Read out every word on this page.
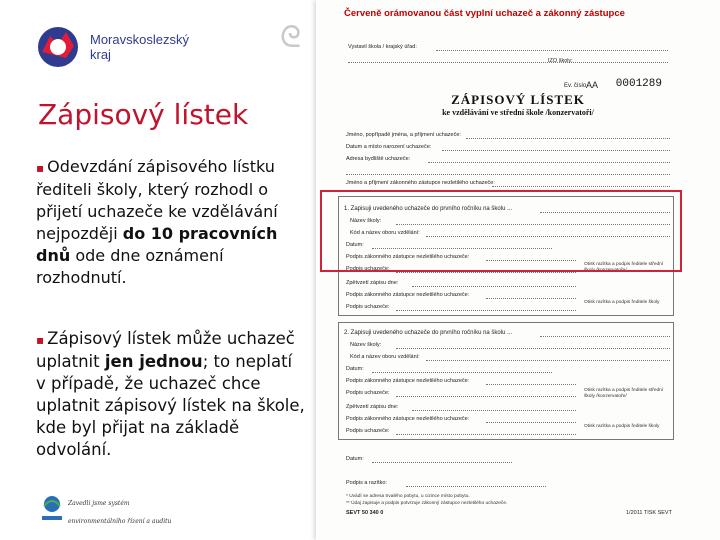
Moravskoslezský
kraj
Zápisový lístek
▪ Odevzdání zápisového lístku řediteli školy, který rozhodl o přijetí uchazeče ke vzdělávání nejpozději do 10 pracovních dnů ode dne oznámení rozhodnutí.
▪ Zápisový lístek může uchazeč uplatnit jen jednou; to neplatí v případě, že uchazeč chce uplatnit zápisový lístek na škole, kde byl přijat na základě odvolání.
Zavedli jsme systém
environmentálního řízení a auditu
ᘓ
Červeně orámovanou část vyplní uchazeč a zákonný zástupce
Vystavil škola / krajský úřad:
IZO školy:
Ev. číslo AA 0001289
ZÁPISOVÝ LÍSTEK
ke vzdělávání ve střední škole /konzervatoři/
Jméno, popřípadě jména, a příjmení uchazeče:
Datum a místo narození uchazeče:
Adresa bydliště uchazeče:
Jméno a příjmení zákonného zástupce nezletilého uchazeče:
1. Zapisuji uvedeného uchazeče do prvního ročníku na školu ...
Název školy:
Kód a název oboru vzdělání:
Datum:
Podpis zákonného zástupce nezletilého uchazeče:
Podpis uchazeče:
Zpětvzetí zápisu dne:
Podpis zákonného zástupce nezletilého uchazeče:
Podpis uchazeče:
Otisk razítka a podpis ředitele střední školy /konzervatoře/
Otisk razítka a podpis ředitele školy
2. Zapisuji uvedeného uchazeče do prvního ročníku na školu ...
Název školy:
Kód a název oboru vzdělání:
Datum:
Podpis zákonného zástupce nezletilého uchazeče:
Podpis uchazeče:
Zpětvzetí zápisu dne:
Podpis zákonného zástupce nezletilého uchazeče:
Podpis uchazeče:
Otisk razítka a podpis ředitele střední školy /konzervatoře/
Otisk razítka a podpis ředitele školy
Datum:
Podpis a razítko:
* Uvádí se adresa trvalého pobytu, u cizince místo pobytu.
** Údaj zapisuje a podpis potvrzuje zákonný zástupce nezletilého uchazeče.
SEVT 50 340 0	1/2011 TISK SEVT
